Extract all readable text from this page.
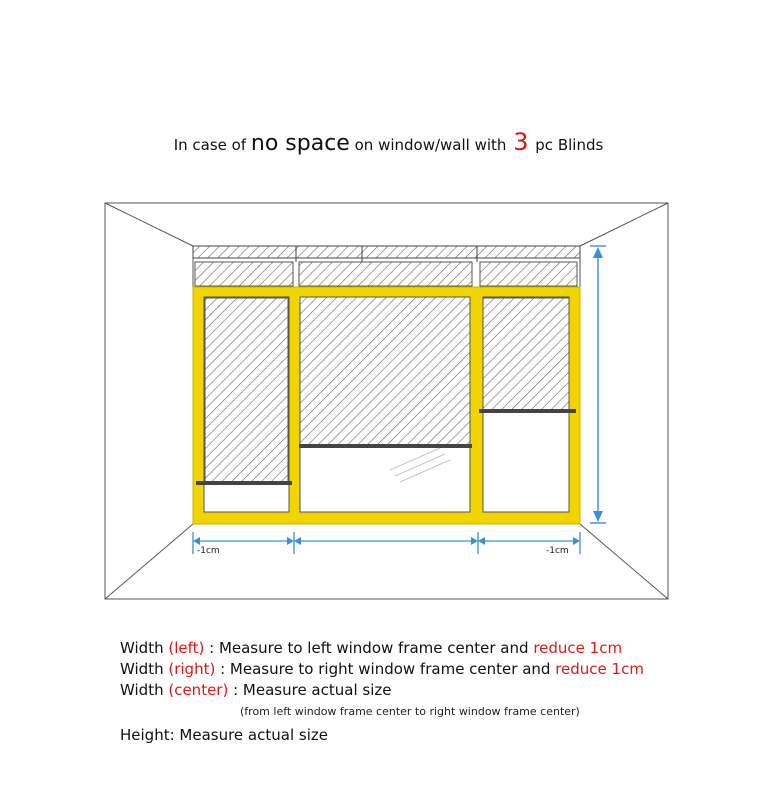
In case of no space on window/wall with 3 pc Blinds
-1cm	-1cm
Width (left) : Measure to left window frame center and reduce 1cm
Width (right) : Measure to right window frame center and reduce 1cm
Width (center) : Measure actual size
(from left window frame center to right window frame center)
Height: Measure actual size
